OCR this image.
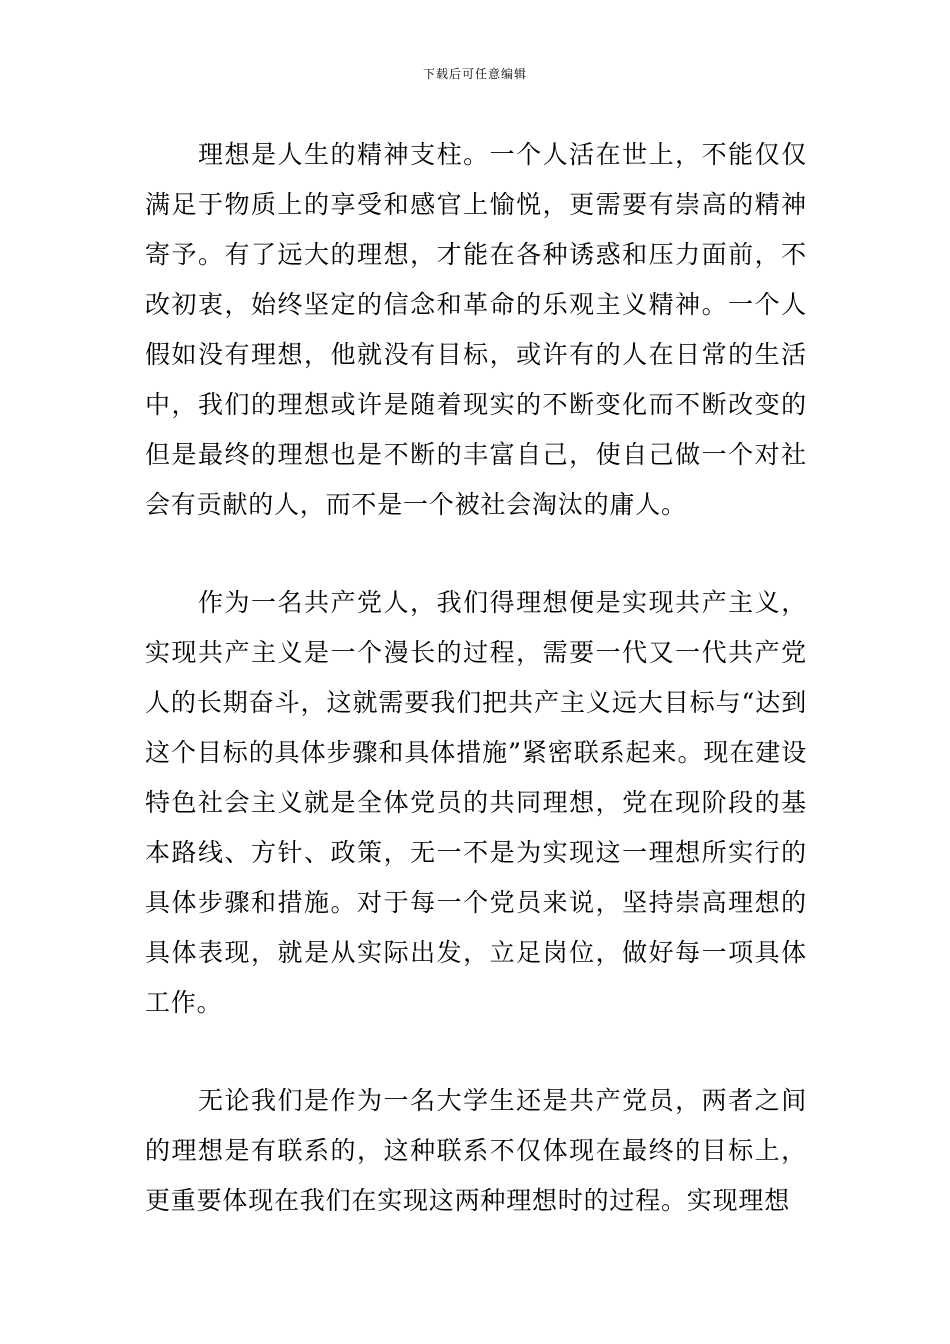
下载后可任意编辑

理想是人生的精神支柱。一个人活在世上，不能仅仅满足于物质上的享受和感官上愉悦，更需要有崇高的精神寄予。有了远大的理想，才能在各种诱惑和压力面前，不改初衷，始终坚定的信念和革命的乐观主义精神。一个人假如没有理想，他就没有目标，或许有的人在日常的生活中，我们的理想或许是随着现实的不断变化而不断改变的但是最终的理想也是不断的丰富自己，使自己做一个对社会有贡献的人，而不是一个被社会淘汰的庸人。

作为一名共产党人，我们得理想便是实现共产主义，实现共产主义是一个漫长的过程，需要一代又一代共产党人的长期奋斗，这就需要我们把共产主义远大目标与“达到这个目标的具体步骤和具体措施”紧密联系起来。现在建设特色社会主义就是全体党员的共同理想，党在现阶段的基本路线、方针、政策，无一不是为实现这一理想所实行的具体步骤和措施。对于每一个党员来说，坚持崇高理想的具体表现，就是从实际出发，立足岗位，做好每一项具体工作。

无论我们是作为一名大学生还是共产党员，两者之间的理想是有联系的，这种联系不仅体现在最终的目标上，更重要体现在我们在实现这两种理想时的过程。实现理想
